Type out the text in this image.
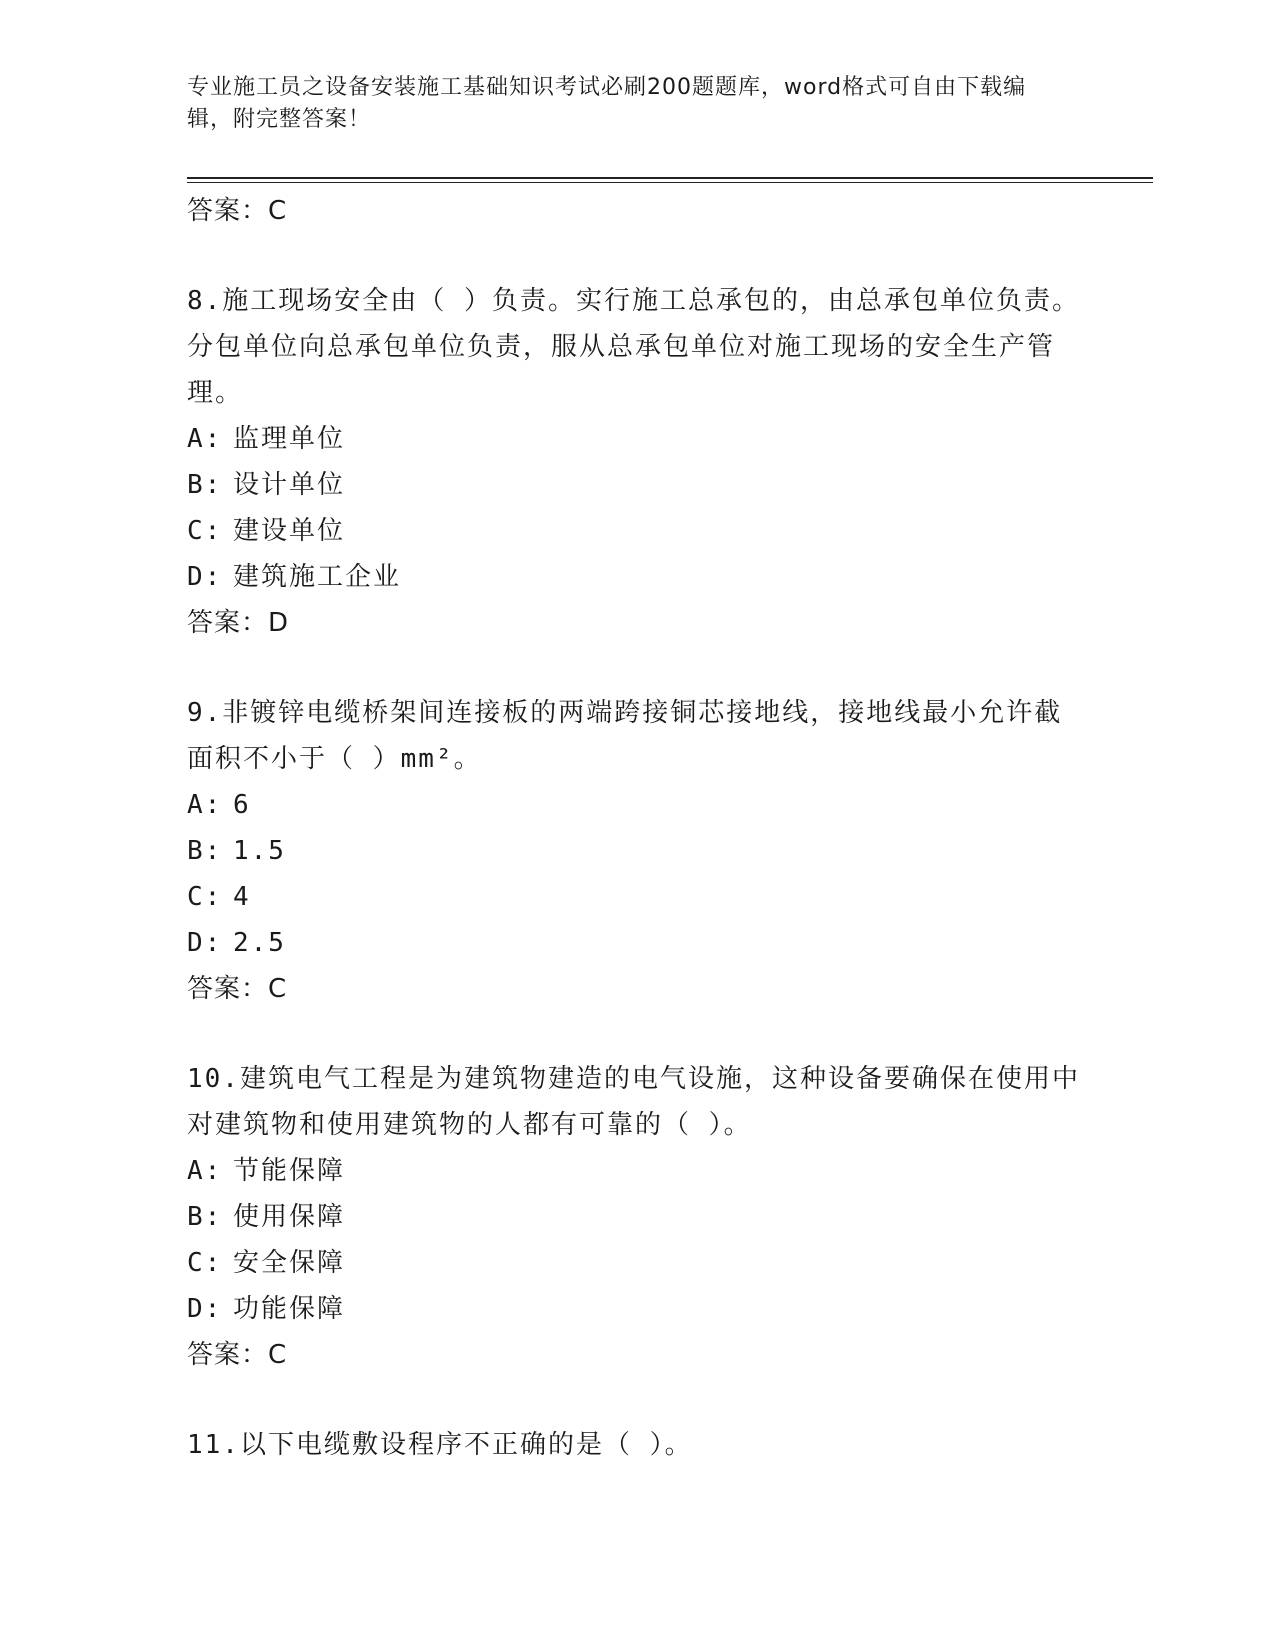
专业施工员之设备安装施工基础知识考试必刷200题题库，word格式可自由下载编辑，附完整答案！
答案：C
8.施工现场安全由（ ）负责。实行施工总承包的，由总承包单位负责。分包单位向总承包单位负责，服从总承包单位对施工现场的安全生产管理。
A: 监理单位
B: 设计单位
C: 建设单位
D: 建筑施工企业
答案：D
9.非镀锌电缆桥架间连接板的两端跨接铜芯接地线，接地线最小允许截面积不小于（ ）mm²。
A: 6
B: 1.5
C: 4
D: 2.5
答案：C
10.建筑电气工程是为建筑物建造的电气设施，这种设备要确保在使用中对建筑物和使用建筑物的人都有可靠的（ ）。
A: 节能保障
B: 使用保障
C: 安全保障
D: 功能保障
答案：C
11.以下电缆敷设程序不正确的是（ ）。
